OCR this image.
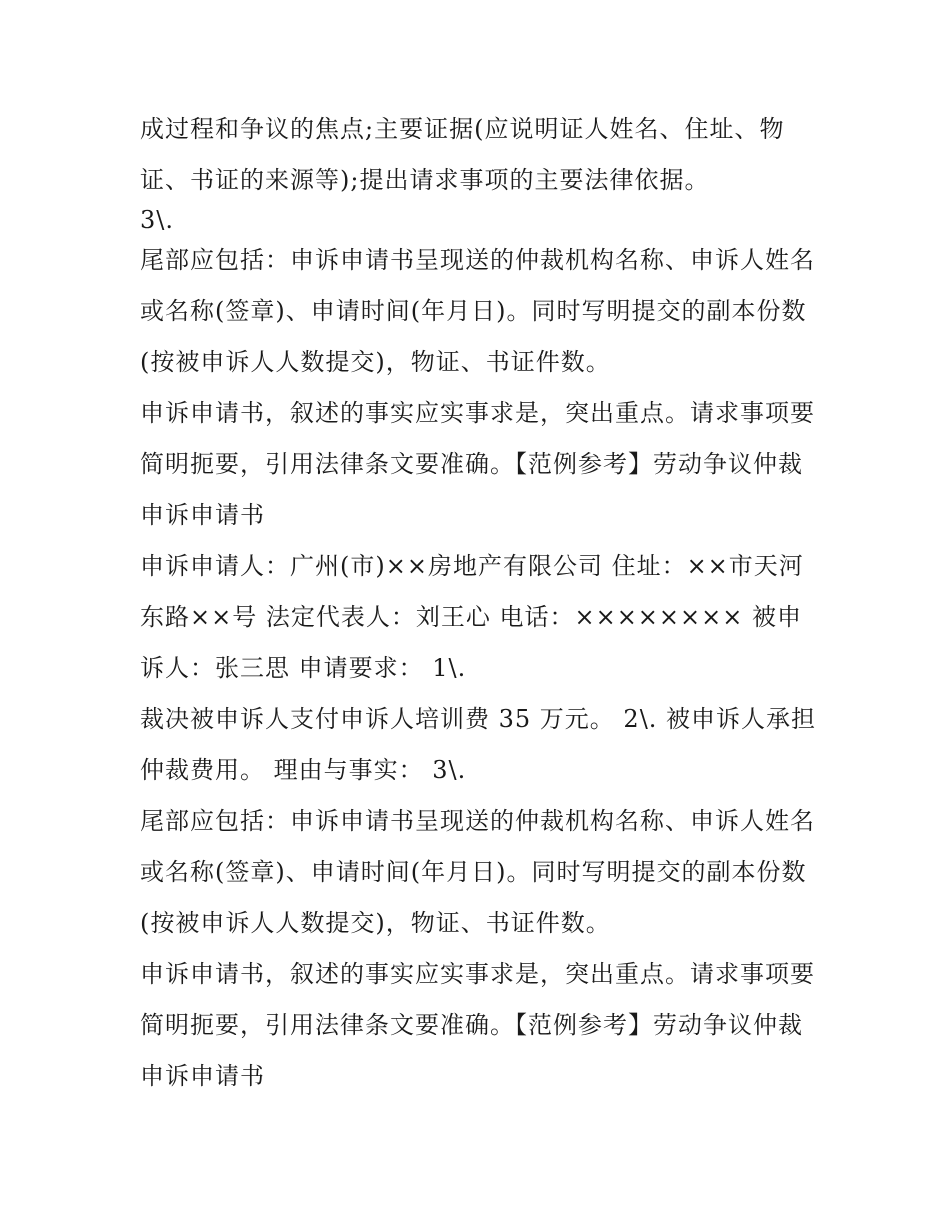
成过程和争议的焦点;主要证据(应说明证人姓名、住址、物证、书证的来源等);提出请求事项的主要法律依据。

3\.

尾部应包括：申诉申请书呈现送的仲裁机构名称、申诉人姓名或名称(签章)、申请时间(年月日)。同时写明提交的副本份数(按被申诉人人数提交)，物证、书证件数。

申诉申请书，叙述的事实应实事求是，突出重点。请求事项要简明扼要，引用法律条文要准确。【范例参考】劳动争议仲裁申诉申请书

申诉申请人：广州(市)××房地产有限公司 住址：××市天河东路××号 法定代表人：刘王心 电话：×××××××× 被申诉人：张三思 申请要求： 1\.

裁决被申诉人支付申诉人培训费 35 万元。 2\. 被申诉人承担仲裁费用。 理由与事实： 3\.

尾部应包括：申诉申请书呈现送的仲裁机构名称、申诉人姓名或名称(签章)、申请时间(年月日)。同时写明提交的副本份数(按被申诉人人数提交)，物证、书证件数。

申诉申请书，叙述的事实应实事求是，突出重点。请求事项要简明扼要，引用法律条文要准确。【范例参考】劳动争议仲裁申诉申请书
